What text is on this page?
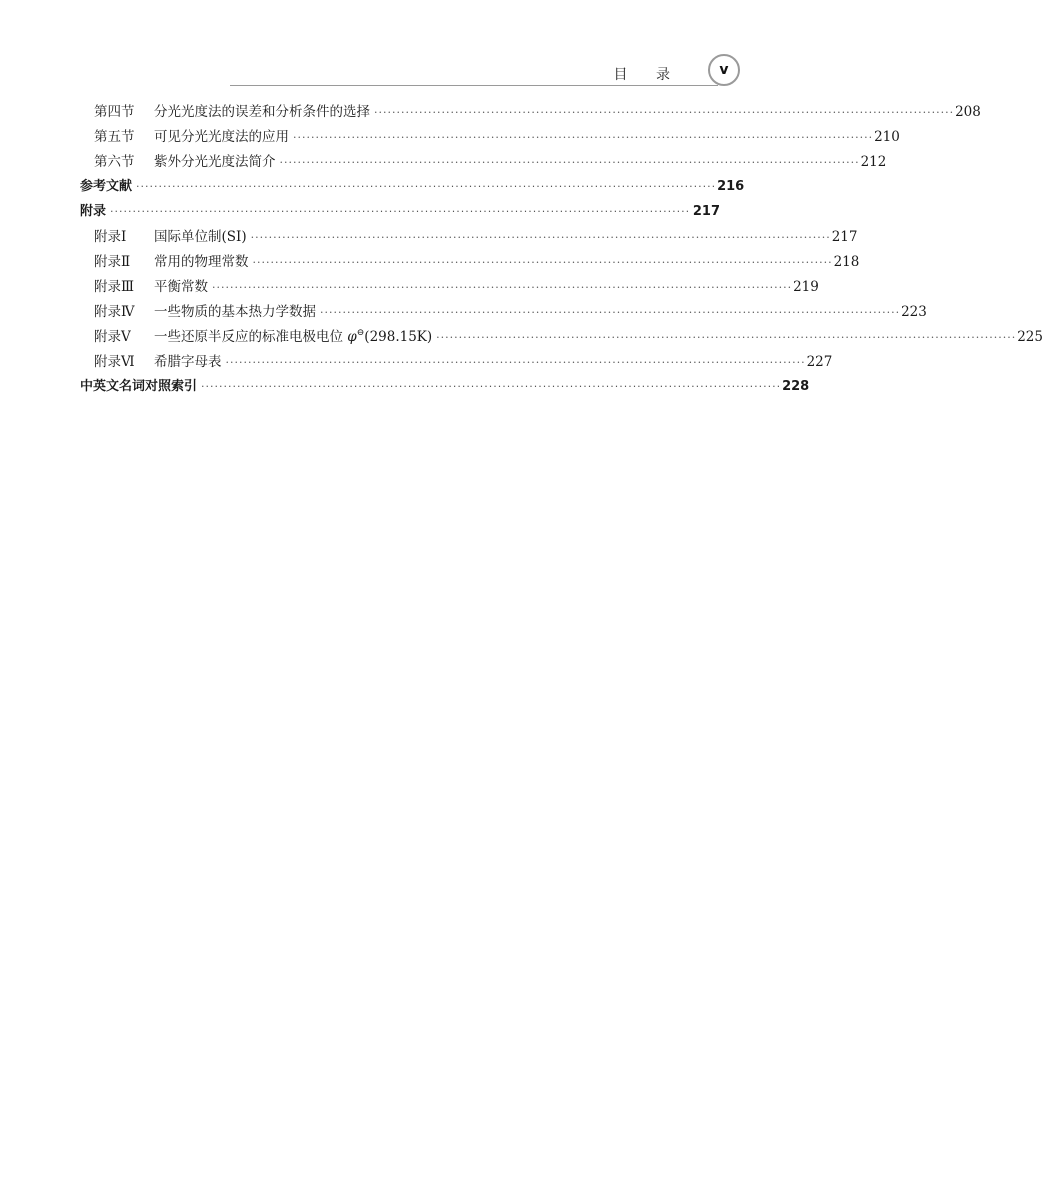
目 录	v
第四节	分光光度法的误差和分析条件的选择 ································································································································· 208
第五节	可见分光光度法的应用 ································································································································· 210
第六节	紫外分光光度法简介 ································································································································· 212
参考文献 ································································································································· 216
附录 ································································································································· 217
附录Ⅰ	国际单位制(SI) ································································································································· 217
附录Ⅱ	常用的物理常数 ································································································································· 218
附录Ⅲ	平衡常数 ································································································································· 219
附录Ⅳ	一些物质的基本热力学数据 ································································································································· 223
附录Ⅴ	一些还原半反应的标准电极电位 φ⊖(298.15K) ································································································································· 225
附录Ⅵ	希腊字母表 ································································································································· 227
中英文名词对照索引 ································································································································· 228
